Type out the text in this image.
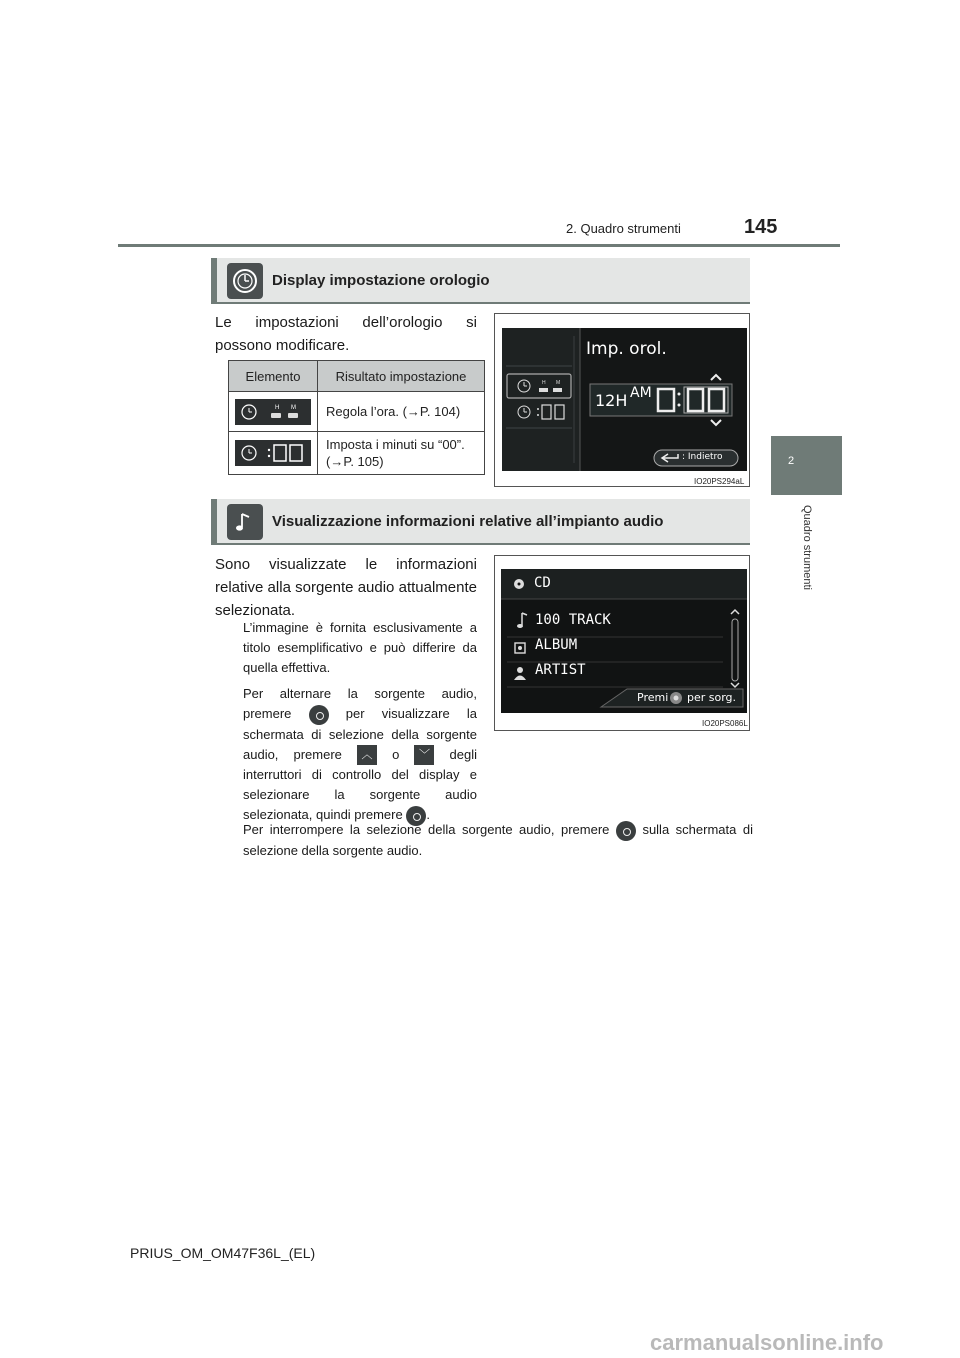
2. Quadro strumenti	145
2
Quadro strumenti
Display impostazione orologio
Le impostazioni dell’orologio si possono modificare.
Elemento	Risultato impostazione

H M	Regola l’ora. (→P. 104)

	Imposta i minuti su “00”. (→P. 105)
H M
Imp. orol.
12H AM
: Indietro
IO20PS294aL
Visualizzazione informazioni relative all’impianto audio
Sono visualizzate le informazioni relative alla sorgente audio attualmente selezionata.
L’immagine è fornita esclusivamente a titolo esemplificativo e può differire da quella effettiva.
Per alternare la sorgente audio, premere	per visualizzare la schermata di selezione della sorgente audio, premere ︿ o ﹀ degli interruttori di controllo del display e selezionare la sorgente audio selezionata, quindi premere .
Per interrompere la selezione della sorgente audio, premere	sulla schermata di selezione della sorgente audio.
CD
100 TRACK
ALBUM
ARTIST
Premi per sorg.
IO20PS086L
PRIUS_OM_OM47F36L_(EL)
carmanualsonline.info
